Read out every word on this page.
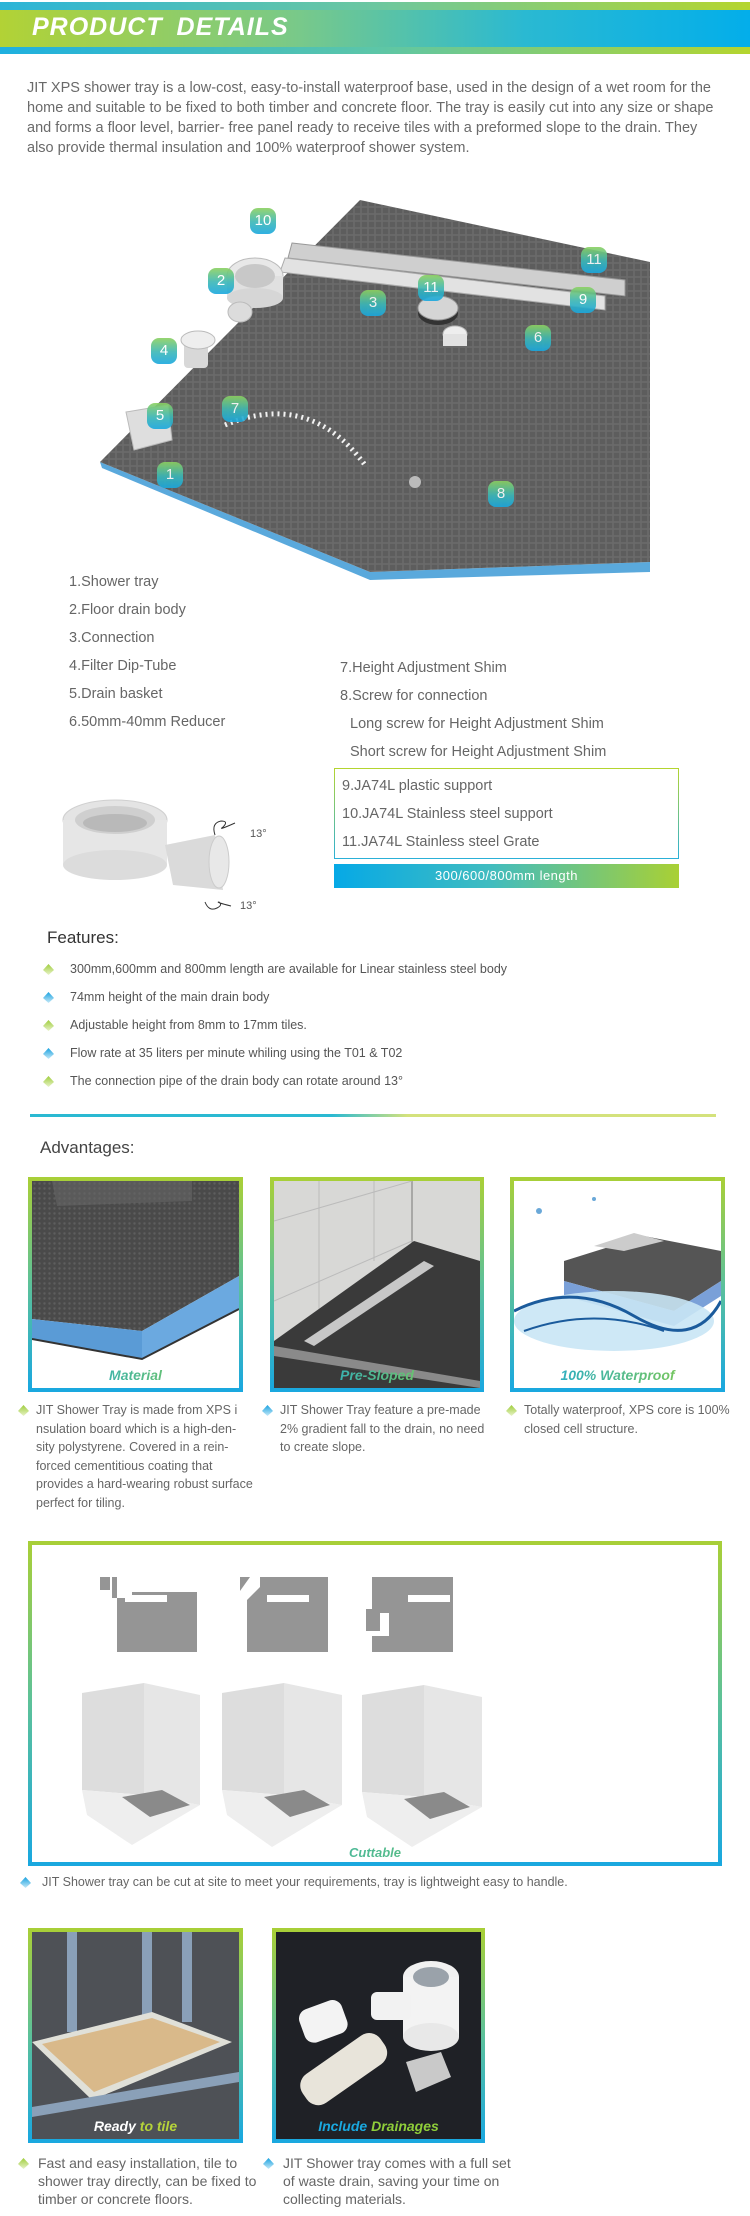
PRODUCT DETAILS

JIT XPS shower tray is a low-cost, easy-to-install waterproof base, used in the design of a wet room for the home and suitable to be fixed to both timber and concrete floor. The tray is easily cut into any size or shape and forms a floor level, barrier- free panel ready to receive tiles with a preformed slope to the drain. They also provide thermal insulation and 100% waterproof shower system.

10
2	11
3
11
9
6
4
5	7
1
8
1.Shower tray
2.Floor drain body
3.Connection
4.Filter Dip-Tube
5.Drain basket
6.50mm-40mm Reducer
7.Height Adjustment Shim
8.Screw for connection
Long screw for Height Adjustment Shim
Short screw for Height Adjustment Shim
9.JA74L plastic support
10.JA74L Stainless steel support
11.JA74L Stainless steel Grate
300/600/800mm length
13°
13°
Features:
300mm,600mm and 800mm length are available for Linear stainless steel body
74mm height of the main drain body
Adjustable height from 8mm to 17mm tiles.
Flow rate at 35 liters per minute whiling using the T01 & T02
The connection pipe of the drain body can rotate around 13°
Advantages:
Material	Pre-Sloped	100% Waterproof
JIT Shower Tray is made from XPS i nsulation board which is a high-den-sity polystyrene. Covered in a rein-forced cementitious coating that provides a hard-wearing robust surface perfect for tiling.
JIT Shower Tray feature a pre-made 2% gradient fall to the drain, no need to create slope.
Totally waterproof, XPS core is 100% closed cell structure.
Cuttable
JIT Shower tray can be cut at site to meet your requirements, tray is lightweight easy to handle.
Ready to tile	Include Drainages
Fast and easy installation, tile to shower tray directly, can be fixed to timber or concrete floors.
JIT Shower tray comes with a full set of waste drain, saving your time on collecting materials.
